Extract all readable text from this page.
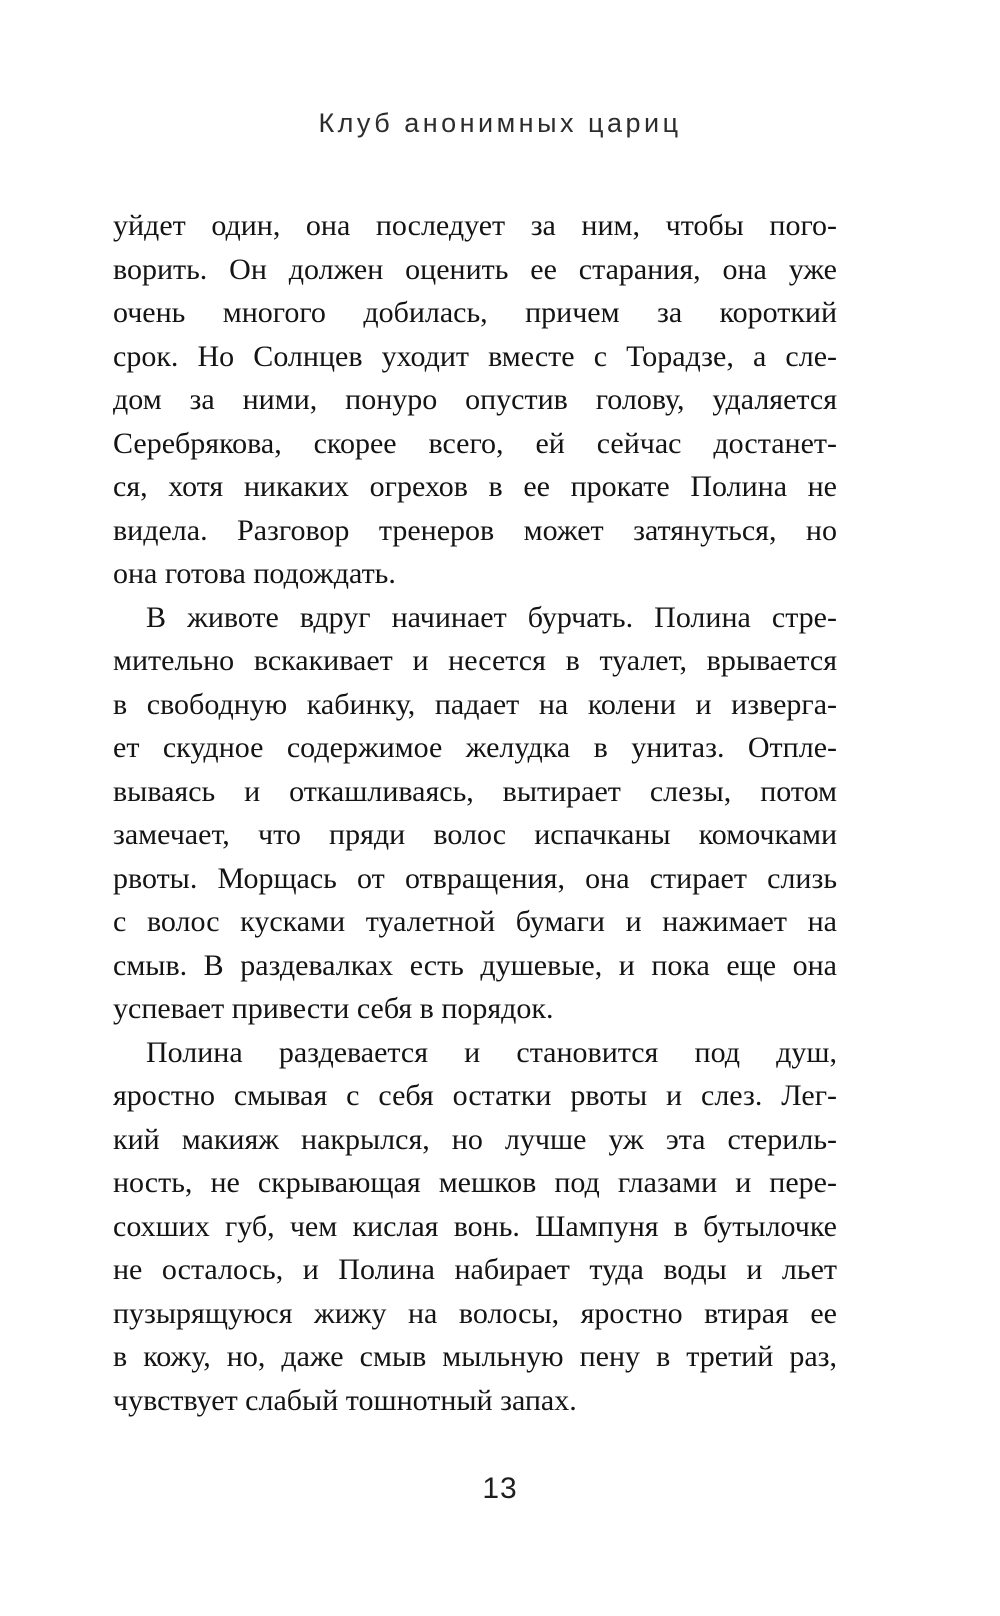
Клуб анонимных цариц
уйдет один, она последует за ним, чтобы пого-
ворить. Он должен оценить ее старания, она уже
очень многого добилась, причем за короткий
срок. Но Солнцев уходит вместе с Торадзе, а сле-
дом за ними, понуро опустив голову, удаляется
Серебрякова, скорее всего, ей сейчас достанет-
ся, хотя никаких огрехов в ее прокате Полина не
видела. Разговор тренеров может затянуться, но
она готова подождать.
В животе вдруг начинает бурчать. Полина стре-
мительно вскакивает и несется в туалет, врывается
в свободную кабинку, падает на колени и изверга-
ет скудное содержимое желудка в унитаз. Отпле-
вываясь и откашливаясь, вытирает слезы, потом
замечает, что пряди волос испачканы комочками
рвоты. Морщась от отвращения, она стирает слизь
с волос кусками туалетной бумаги и нажимает на
смыв. В раздевалках есть душевые, и пока еще она
успевает привести себя в порядок.
Полина раздевается и становится под душ,
яростно смывая с себя остатки рвоты и слез. Лег-
кий макияж накрылся, но лучше уж эта стериль-
ность, не скрывающая мешков под глазами и пере-
сохших губ, чем кислая вонь. Шампуня в бутылочке
не осталось, и Полина набирает туда воды и льет
пузырящуюся жижу на волосы, яростно втирая ее
в кожу, но, даже смыв мыльную пену в третий раз,
чувствует слабый тошнотный запах.
13
